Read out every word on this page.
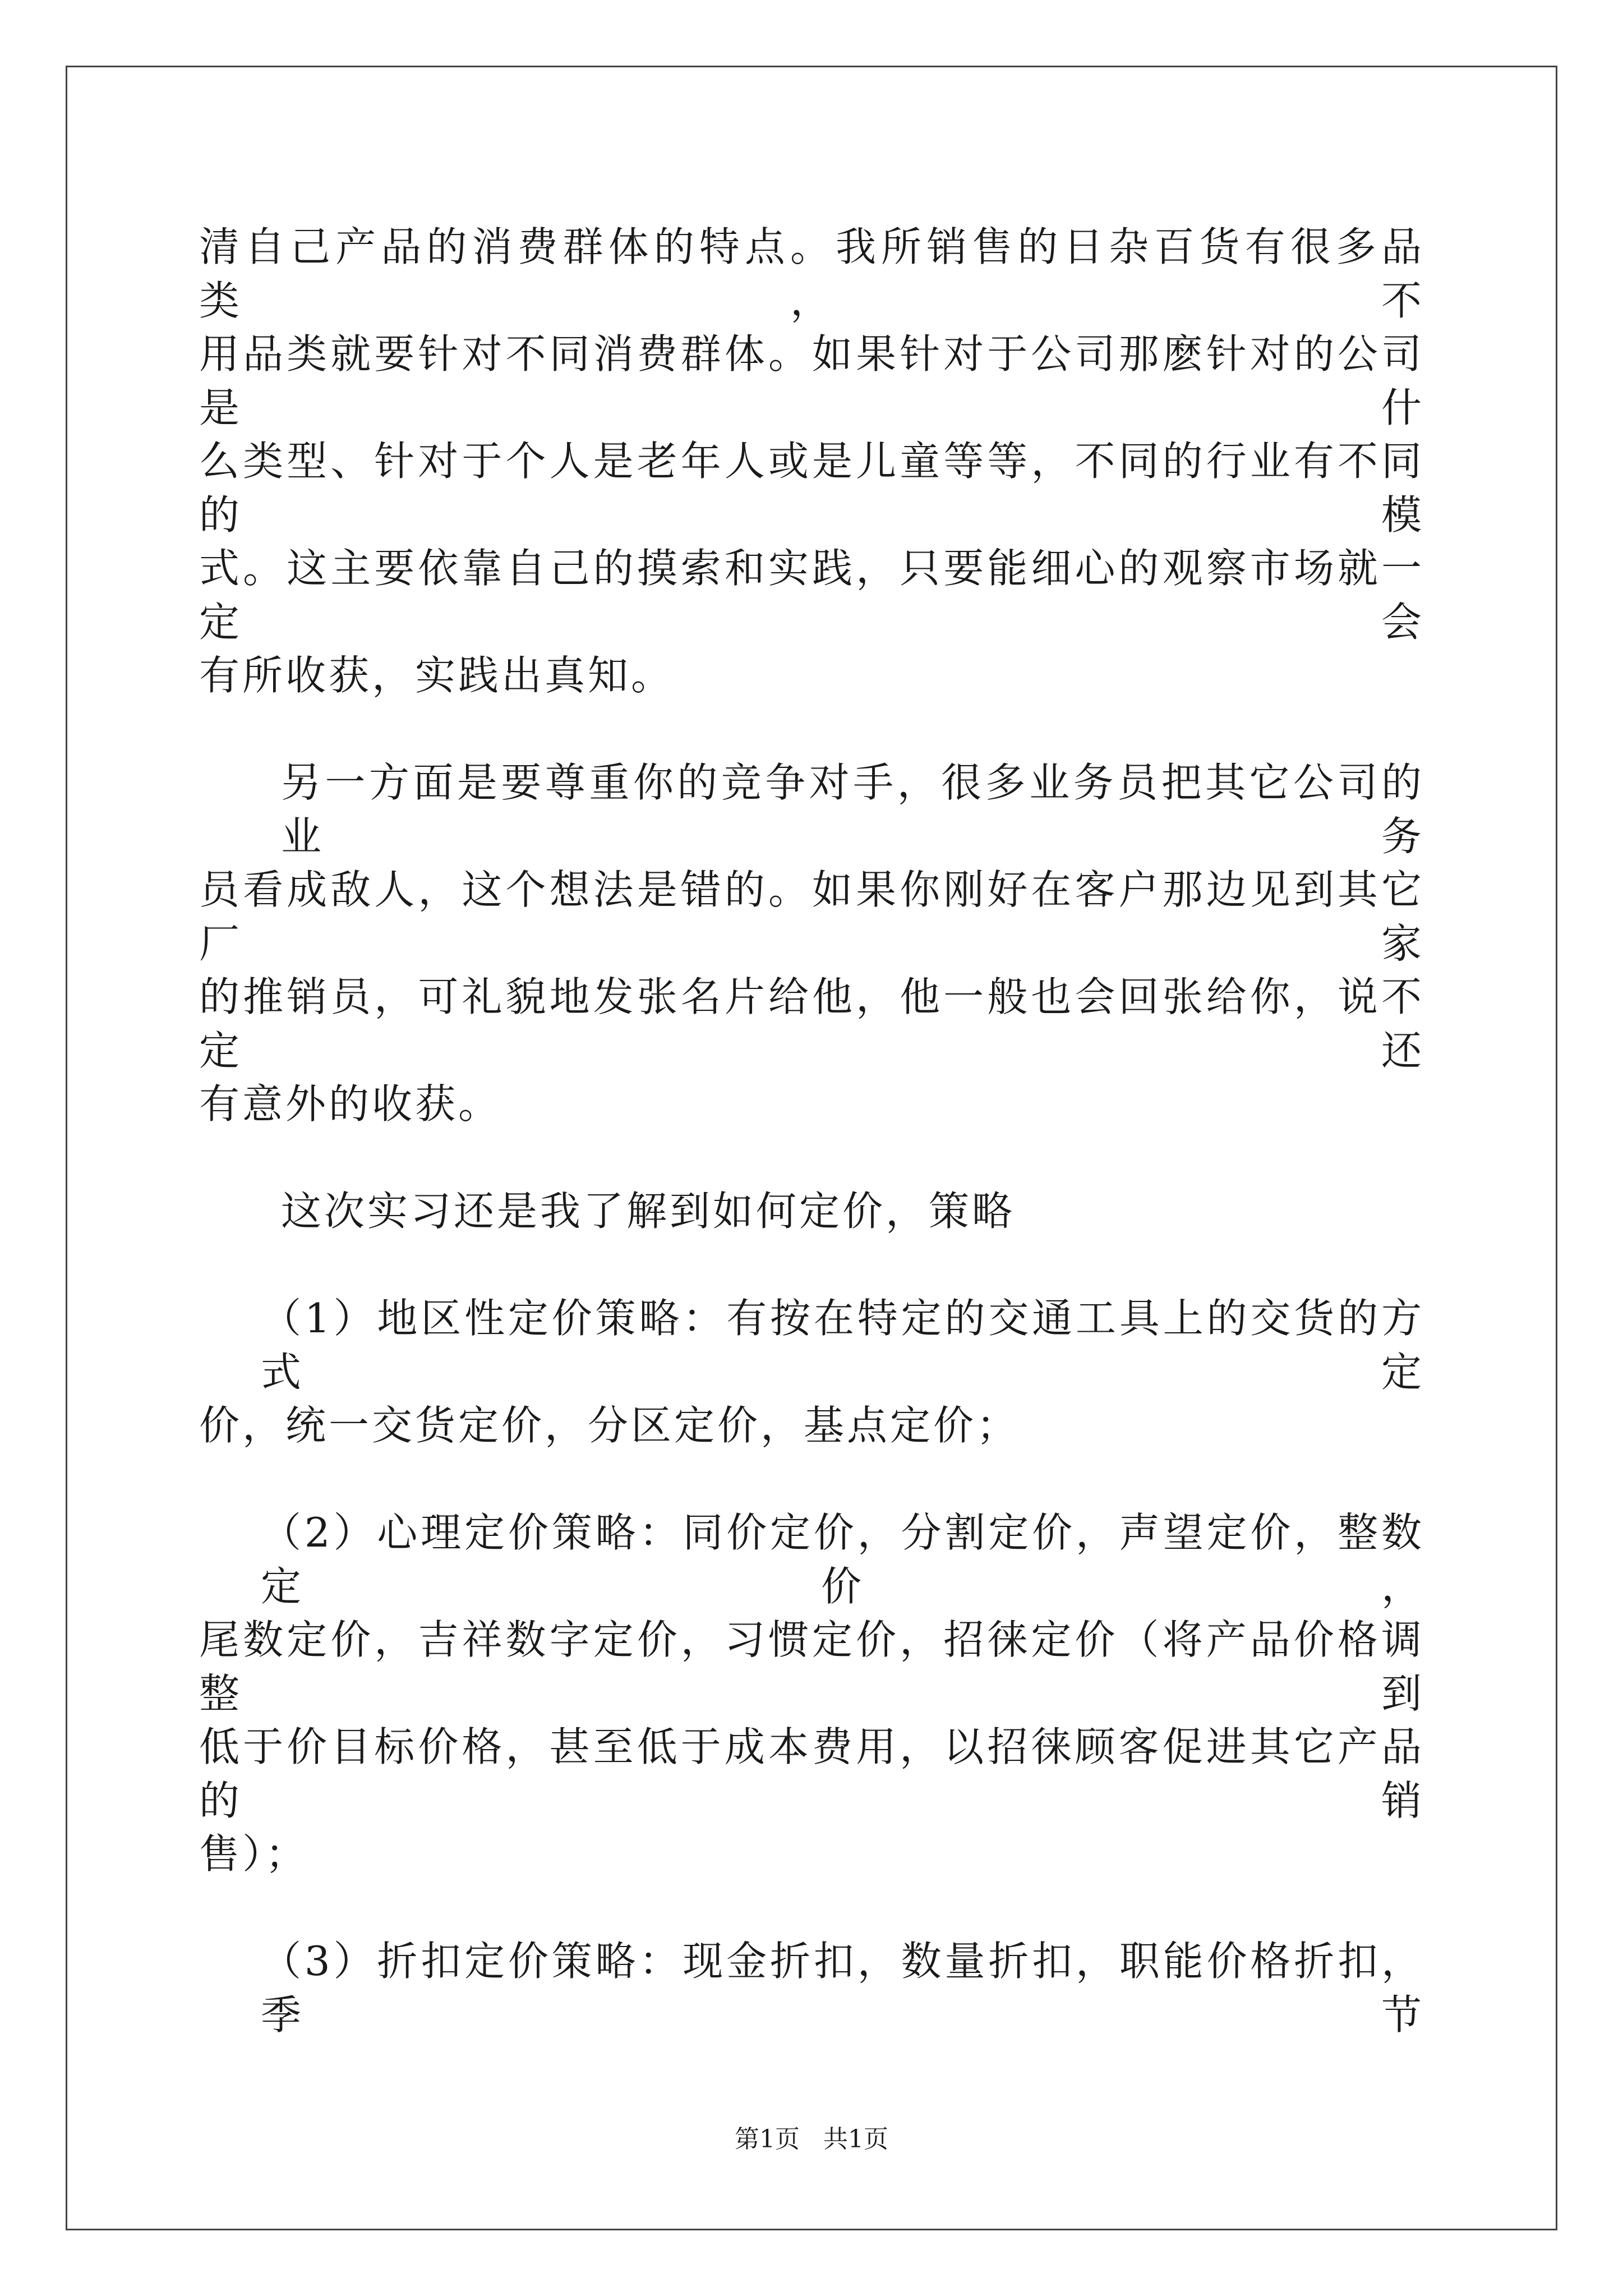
清自己产品的消费群体的特点。我所销售的日杂百货有很多品类，不
用品类就要针对不同消费群体。如果针对于公司那麽针对的公司是什
么类型、针对于个人是老年人或是儿童等等，不同的行业有不同的模
式。这主要依靠自己的摸索和实践，只要能细心的观察市场就一定会
有所收获，实践出真知。
另一方面是要尊重你的竞争对手，很多业务员把其它公司的业务
员看成敌人，这个想法是错的。如果你刚好在客户那边见到其它厂家
的推销员，可礼貌地发张名片给他，他一般也会回张给你，说不定还
有意外的收获。
这次实习还是我了解到如何定价，策略
（1）地区性定价策略：有按在特定的交通工具上的交货的方式定
价，统一交货定价，分区定价，基点定价；
（2）心理定价策略：同价定价，分割定价，声望定价，整数定价，
尾数定价，吉祥数字定价，习惯定价，招徕定价（将产品价格调整到
低于价目标价格，甚至低于成本费用，以招徕顾客促进其它产品的销
售）；
（3）折扣定价策略：现金折扣，数量折扣，职能价格折扣，季节
第1页 共1页
